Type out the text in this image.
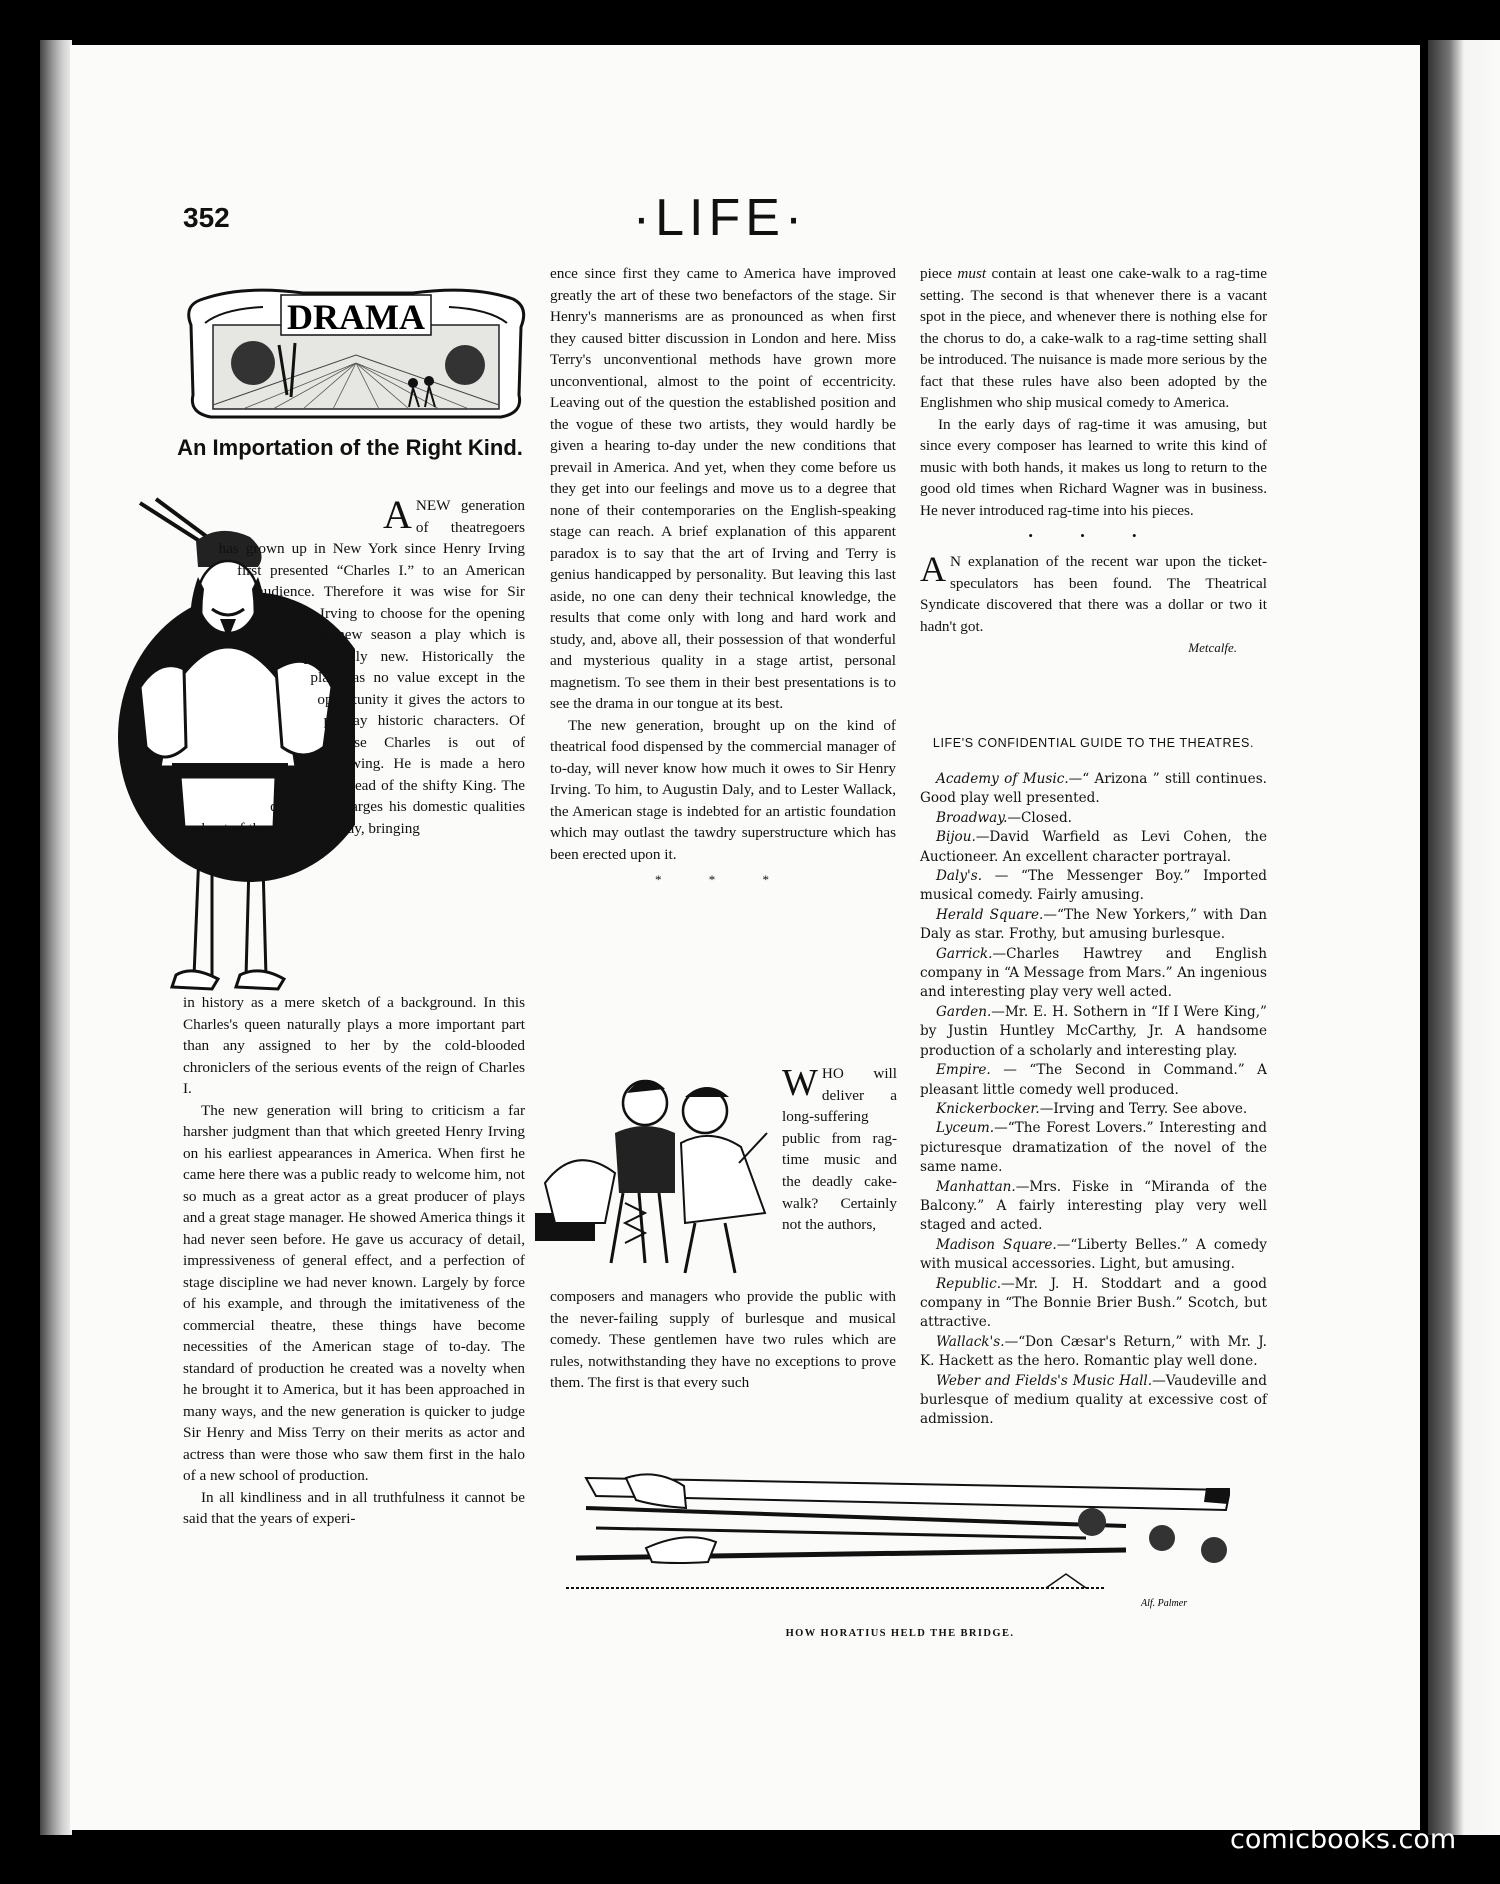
352	·LIFE·
DRAMA
An Importation of the Right Kind.

A NEW generation of theatregoers has grown up in New York since Henry Irving first presented “Charles I.” to an American audience. Therefore it was wise for Sir Henry Irving to choose for the opening of his new season a play which is practically new. Historically the play has no value except in the opportunity it gives the actors to portray historic characters. Of course Charles is out of drawing. He is made a hero instead of the shifty King. The dramatist enlarges his domestic qualities and out of them makes a play, bringing

in history as a mere sketch of a background. In this Charles's queen naturally plays a more important part than any assigned to her by the cold-blooded chroniclers of the serious events of the reign of Charles I.

The new generation will bring to criticism a far harsher judgment than that which greeted Henry Irving on his earliest appearances in America. When first he came here there was a public ready to welcome him, not so much as a great actor as a great producer of plays and a great stage manager. He showed America things it had never seen before. He gave us accuracy of detail, impressiveness of general effect, and a perfection of stage discipline we had never known. Largely by force of his example, and through the imitativeness of the commercial theatre, these things have become necessities of the American stage of to-day. The standard of production he created was a novelty when he brought it to America, but it has been approached in many ways, and the new generation is quicker to judge Sir Henry and Miss Terry on their merits as actor and actress than were those who saw them first in the halo of a new school of production.

In all kindliness and in all truthfulness it cannot be said that the years of experi-

ence since first they came to America have improved greatly the art of these two benefactors of the stage. Sir Henry's mannerisms are as pronounced as when first they caused bitter discussion in London and here. Miss Terry's unconventional methods have grown more unconventional, almost to the point of eccentricity. Leaving out of the question the established position and the vogue of these two artists, they would hardly be given a hearing to-day under the new conditions that prevail in America. And yet, when they come before us they get into our feelings and move us to a degree that none of their contemporaries on the English-speaking stage can reach. A brief explanation of this apparent paradox is to say that the art of Irving and Terry is genius handicapped by personality. But leaving this last aside, no one can deny their technical knowledge, the results that come only with long and hard work and study, and, above all, their possession of that wonderful and mysterious quality in a stage artist, personal magnetism. To see them in their best presentations is to see the drama in our tongue at its best.

The new generation, brought up on the kind of theatrical food dispensed by the commercial manager of to-day, will never know how much it owes to Sir Henry Irving. To him, to Augustin Daly, and to Lester Wallack, the American stage is indebted for an artistic foundation which may outlast the tawdry superstructure which has been erected upon it.

* * *
W HO will deliver a long-suffering public from rag-time music and the deadly cake-walk? Certainly not the authors,

composers and managers who provide the public with the never-failing supply of burlesque and musical comedy. These gentlemen have two rules which are rules, notwithstanding they have no exceptions to prove them. The first is that every such

piece must contain at least one cake-walk to a rag-time setting. The second is that whenever there is a vacant spot in the piece, and whenever there is nothing else for the chorus to do, a cake-walk to a rag-time setting shall be introduced. The nuisance is made more serious by the fact that these rules have also been adopted by the Englishmen who ship musical comedy to America.

In the early days of rag-time it was amusing, but since every composer has learned to write this kind of music with both hands, it makes us long to return to the good old times when Richard Wagner was in business. He never introduced rag-time into his pieces.

• • •

A N explanation of the recent war upon the ticket-speculators has been found. The Theatrical Syndicate discovered that there was a dollar or two it hadn't got.

Metcalfe.
LIFE'S CONFIDENTIAL GUIDE TO THE THEATRES.

Academy of Music.—“ Arizona ” still continues. Good play well presented.

Broadway.—Closed.

Bijou.—David Warfield as Levi Cohen, the Auctioneer. An excellent character portrayal.

Daly's. — “The Messenger Boy.” Imported musical comedy. Fairly amusing.

Herald Square.—“The New Yorkers,” with Dan Daly as star. Frothy, but amusing burlesque.

Garrick.—Charles Hawtrey and English company in “A Message from Mars.” An ingenious and interesting play very well acted.

Garden.—Mr. E. H. Sothern in “If I Were King,” by Justin Huntley McCarthy, Jr. A handsome production of a scholarly and interesting play.

Empire. — “The Second in Command.” A pleasant little comedy well produced.

Knickerbocker.—Irving and Terry. See above.

Lyceum.—“The Forest Lovers.” Interesting and picturesque dramatization of the novel of the same name.

Manhattan.—Mrs. Fiske in “Miranda of the Balcony.” A fairly interesting play very well staged and acted.

Madison Square.—“Liberty Belles.” A comedy with musical accessories. Light, but amusing.

Republic.—Mr. J. H. Stoddart and a good company in “The Bonnie Brier Bush.” Scotch, but attractive.

Wallack's.—“Don Cæsar's Return,” with Mr. J. K. Hackett as the hero. Romantic play well done.

Weber and Fields's Music Hall.—Vaudeville and burlesque of medium quality at excessive cost of admission.

Alf. Palmer
HOW HORATIUS HELD THE BRIDGE.
comicbooks.com
